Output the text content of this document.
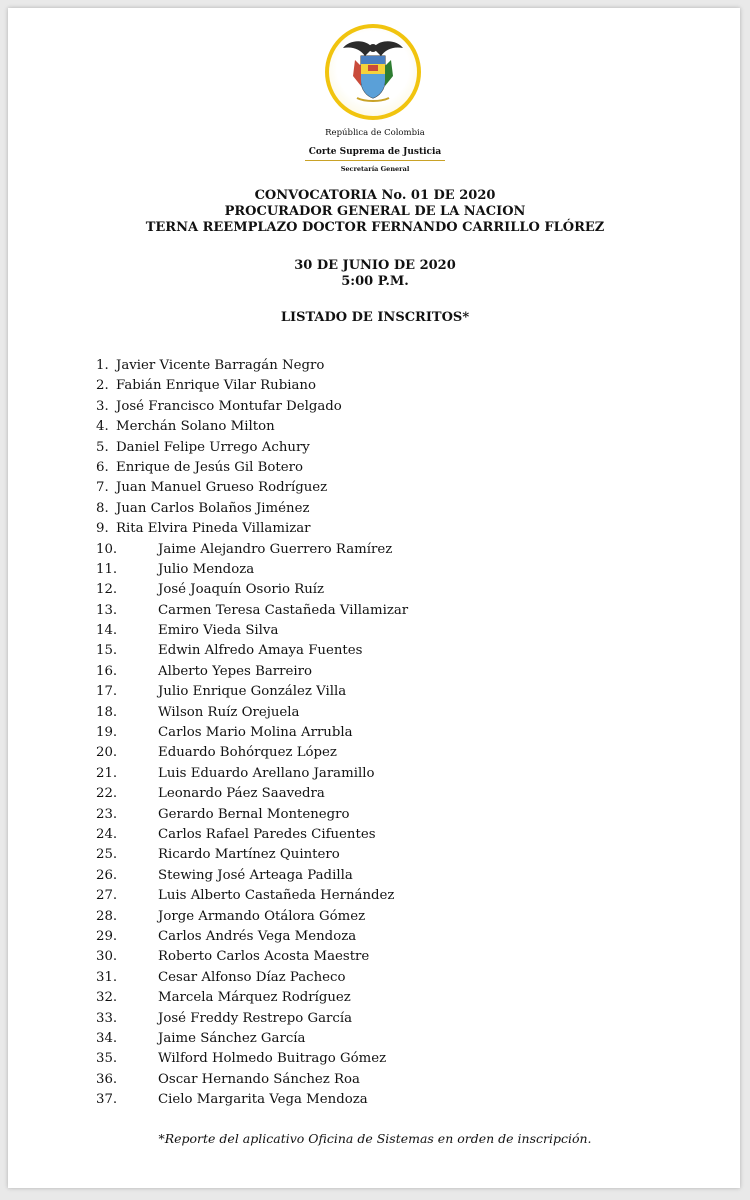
República de Colombia
Corte Suprema de Justicia
Secretaría General
CONVOCATORIA No. 01 DE 2020
PROCURADOR GENERAL DE LA NACION
TERNA REEMPLAZO DOCTOR FERNANDO CARRILLO FLÓREZ
30 DE JUNIO DE 2020
5:00 P.M.
LISTADO DE INSCRITOS*
1. Javier Vicente Barragán Negro
2. Fabián Enrique Vilar Rubiano
3. José Francisco Montufar Delgado
4. Merchán Solano Milton
5. Daniel Felipe Urrego Achury
6. Enrique de Jesús Gil Botero
7. Juan Manuel Grueso Rodríguez
8. Juan Carlos Bolaños Jiménez
9. Rita Elvira Pineda Villamizar
10.	Jaime Alejandro Guerrero Ramírez
11.	Julio Mendoza
12.	José Joaquín Osorio Ruíz
13.	Carmen Teresa Castañeda Villamizar
14.	Emiro Vieda Silva
15.	Edwin Alfredo Amaya Fuentes
16.	Alberto Yepes Barreiro
17.	Julio Enrique González Villa
18.	Wilson Ruíz Orejuela
19.	Carlos Mario Molina Arrubla
20.	Eduardo Bohórquez López
21.	Luis Eduardo Arellano Jaramillo
22.	Leonardo Páez Saavedra
23.	Gerardo Bernal Montenegro
24.	Carlos Rafael Paredes Cifuentes
25.	Ricardo Martínez Quintero
26.	Stewing José Arteaga Padilla
27.	Luis Alberto Castañeda Hernández
28.	Jorge Armando Otálora Gómez
29.	Carlos Andrés Vega Mendoza
30.	Roberto Carlos Acosta Maestre
31.	Cesar Alfonso Díaz Pacheco
32.	Marcela Márquez Rodríguez
33.	José Freddy Restrepo García
34.	Jaime Sánchez García
35.	Wilford Holmedo Buitrago Gómez
36.	Oscar Hernando Sánchez Roa
37.	Cielo Margarita Vega Mendoza
*Reporte del aplicativo Oficina de Sistemas en orden de inscripción.
